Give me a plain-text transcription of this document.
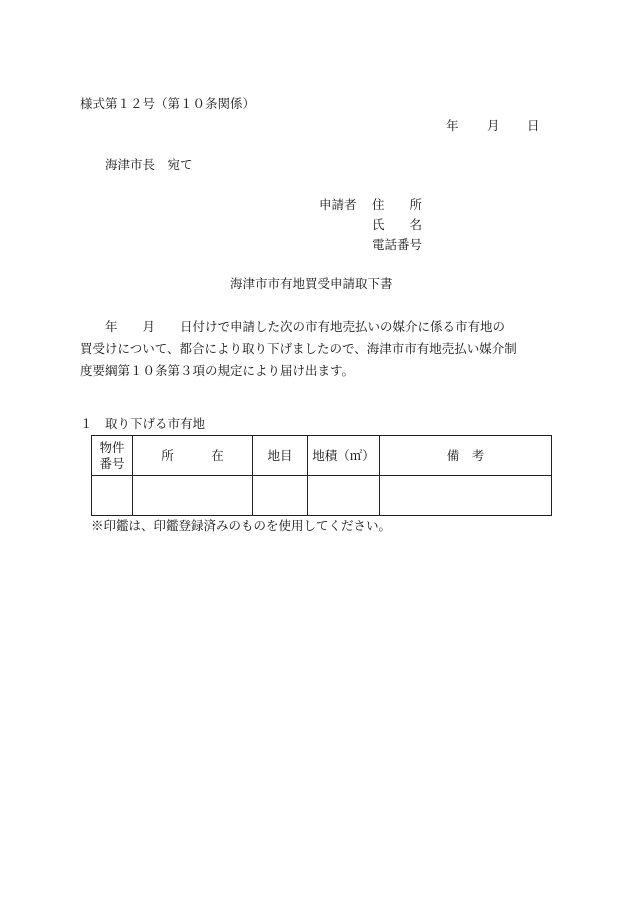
様式第１２号（第１０条関係）
年 月 日
海津市長　宛て
申請者 住　　所
氏　　名
電話番号
海津市市有地買受申請取下書
　　年　　月　　日付けで申請した次の市有地売払いの媒介に係る市有地の
買受けについて、都合により取り下げましたので、海津市市有地売払い媒介制
度要綱第１０条第３項の規定により届け出ます。
１　取り下げる市有地
物件
番号	所　　　在	地目	地積（㎡）	備　考

※印鑑は、印鑑登録済みのものを使用してください。
